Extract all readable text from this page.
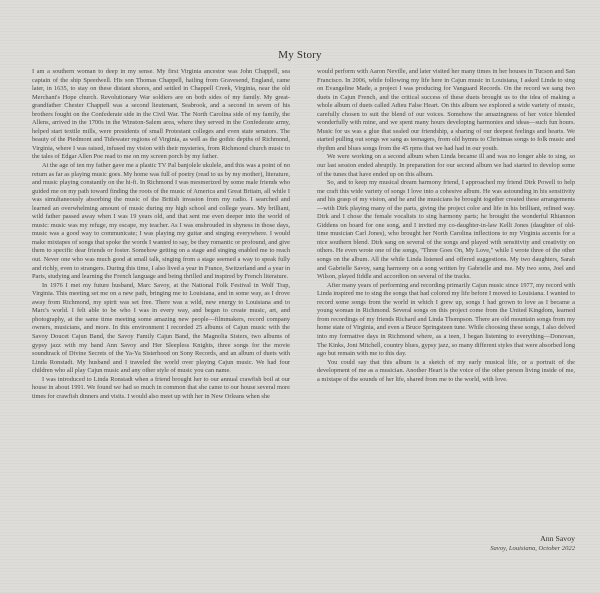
My Story

I am a southern woman to deep in my sense. My first Virginia ancestor was John Chappell, sea captain of the ship Speedwell. His son Thomas Chappell, hailing from Gravesend, England, came later, in 1635, to stay on these distant shores, and settled in Chappell Creek, Virginia, near the old Merchant's Hope church. Revolutionary War soldiers are on both sides of my family. My great-grandfather Chester Chappell was a second lieutenant, Seabrook, and a second in seven of his brothers fought on the Confederate side in the Civil War. The North Carolina side of my family, the Allens, arrived in the 1700s in the Winston-Salem area, where they served in the Confederate army, helped start textile mills, were presidents of small Protestant colleges and even state senators. The beauty of the Piedmont and Tidewater regions of Virginia, as well as the gothic depths of Richmond, Virginia, where I was raised, infused my vision with their mysteries, from Richmond church music to the tales of Edgar Allen Poe read to me on my screen porch by my father.

At the age of ten my father gave me a plastic TV Pal banjolele ukulele, and this was a point of no return as far as playing music goes. My home was full of poetry (read to us by my mother), literature, and music playing constantly on the hi-fi. In Richmond I was mesmerized by some male friends who guided me on my path toward finding the roots of the music of America and Great Britain, all while I was simultaneously absorbing the music of the British invasion from my radio. I searched and learned an overwhelming amount of music during my high school and college years. My brilliant, wild father passed away when I was 19 years old, and that sent me even deeper into the world of music: music was my refuge, my escape, my teacher. As I was enshrouded in shyness in those days, music was a good way to communicate; I was playing my guitar and singing everywhere. I would make mixtapes of songs that spoke the words I wanted to say, be they romantic or profound, and give them to specific dear friends or foster. Somehow getting on a stage and singing enabled me to reach out. Never one who was much good at small talk, singing from a stage seemed a way to speak fully and richly, even to strangers. During this time, I also lived a year in France, Switzerland and a year in Paris, studying and learning the French language and being thrilled and inspired by French literature.

In 1976 I met my future husband, Marc Savoy, at the National Folk Festival in Wolf Trap, Virginia. This meeting set me on a new path, bringing me to Louisiana, and in some way, as I drove away from Richmond, my spirit was set free. There was a wild, new energy to Louisiana and to Marc's world. I felt able to be who I was in every way, and began to create music, art, and photography, at the same time meeting some amazing new people—filmmakers, record company owners, musicians, and more. In this environment I recorded 25 albums of Cajun music with the Savoy Doucet Cajun Band, the Savoy Family Cajun Band, the Magnolia Sisters, two albums of gypsy jazz with my band Ann Savoy and Her Sleepless Knights, three songs for the movie soundtrack of Divine Secrets of the Ya-Ya Sisterhood on Sony Records, and an album of duets with Linda Ronstadt. My husband and I traveled the world over playing Cajun music. We had four children who all play Cajun music and any other style of music you can name.

I was introduced to Linda Ronstadt when a friend brought her to our annual crawfish boil at our house in about 1991. We found we had so much in common that she came to our house several more times for crawfish dinners and visits. I would also meet up with her in New Orleans when she

would perform with Aaron Neville, and later visited her many times in her houses in Tucson and San Francisco. In 2006, while following my life here in Cajun music in Louisiana, I asked Linda to sing on Evangeline Made, a project I was producing for Vanguard Records. On the record we sang two duets in Cajun French, and the critical success of these duets brought us to the idea of making a whole album of duets called Adieu False Heart. On this album we explored a wide variety of music, carefully chosen to suit the blend of our voices. Somehow the amazingness of her voice blended wonderfully with mine, and we spent many hours developing harmonies and ideas—such fun hours. Music for us was a glue that sealed our friendship, a sharing of our deepest feelings and hearts. We started pulling out songs we sang as teenagers, from old hymns to Christmas songs to folk music and rhythm and blues songs from the 45 rpms that we had had in our youth.

We were working on a second album when Linda became ill and was no longer able to sing, so our last session ended abruptly. In preparation for our second album we had started to develop some of the tunes that have ended up on this album.

So, and to keep my musical dream harmony friend, I approached my friend Dirk Powell to help me craft this wide variety of songs I love into a cohesive album. He was astounding in his sensitivity and his grasp of my vision, and he and the musicians he brought together created these arrangements—with Dirk playing many of the parts, giving the project color and life in his brilliant, refined way. Dirk and I chose the female vocalists to sing harmony parts; he brought the wonderful Rhiannon Giddens on board for one song, and I invited my co-daughter-in-law Kelli Jones (daughter of old-time musician Carl Jones), who brought her North Carolina inflections to my Virginia accents for a nice southern blend. Dirk sang on several of the songs and played with sensitivity and creativity on others. He even wrote one of the songs, "Three Goes On, My Love," while I wrote three of the other songs on the album. All the while Linda listened and offered suggestions. My two daughters, Sarah and Gabrielle Savoy, sang harmony on a song written by Gabrielle and me. My two sons, Joel and Wilson, played fiddle and accordion on several of the tracks.

After many years of performing and recording primarily Cajun music since 1977, my record with Linda inspired me to sing the songs that had colored my life before I moved to Louisiana. I wanted to record some songs from the world in which I grew up, songs I had grown to love as I became a young woman in Richmond. Several songs on this project come from the United Kingdom, learned from recordings of my friends Richard and Linda Thompson. There are old mountain songs from my home state of Virginia, and even a Bruce Springsteen tune. While choosing these songs, I also delved into my formative days in Richmond where, as a teen, I began listening to everything—Donovan, The Kinks, Joni Mitchell, country blues, gypsy jazz, so many different styles that were absorbed long ago but remain with me to this day.

You could say that this album is a sketch of my early musical life, or a portrait of the development of me as a musician. Another Heart is the voice of the other person living inside of me, a mixtape of the sounds of her life, shared from me to the world, with love.

Ann Savoy
Savoy, Louisiana, October 2022
